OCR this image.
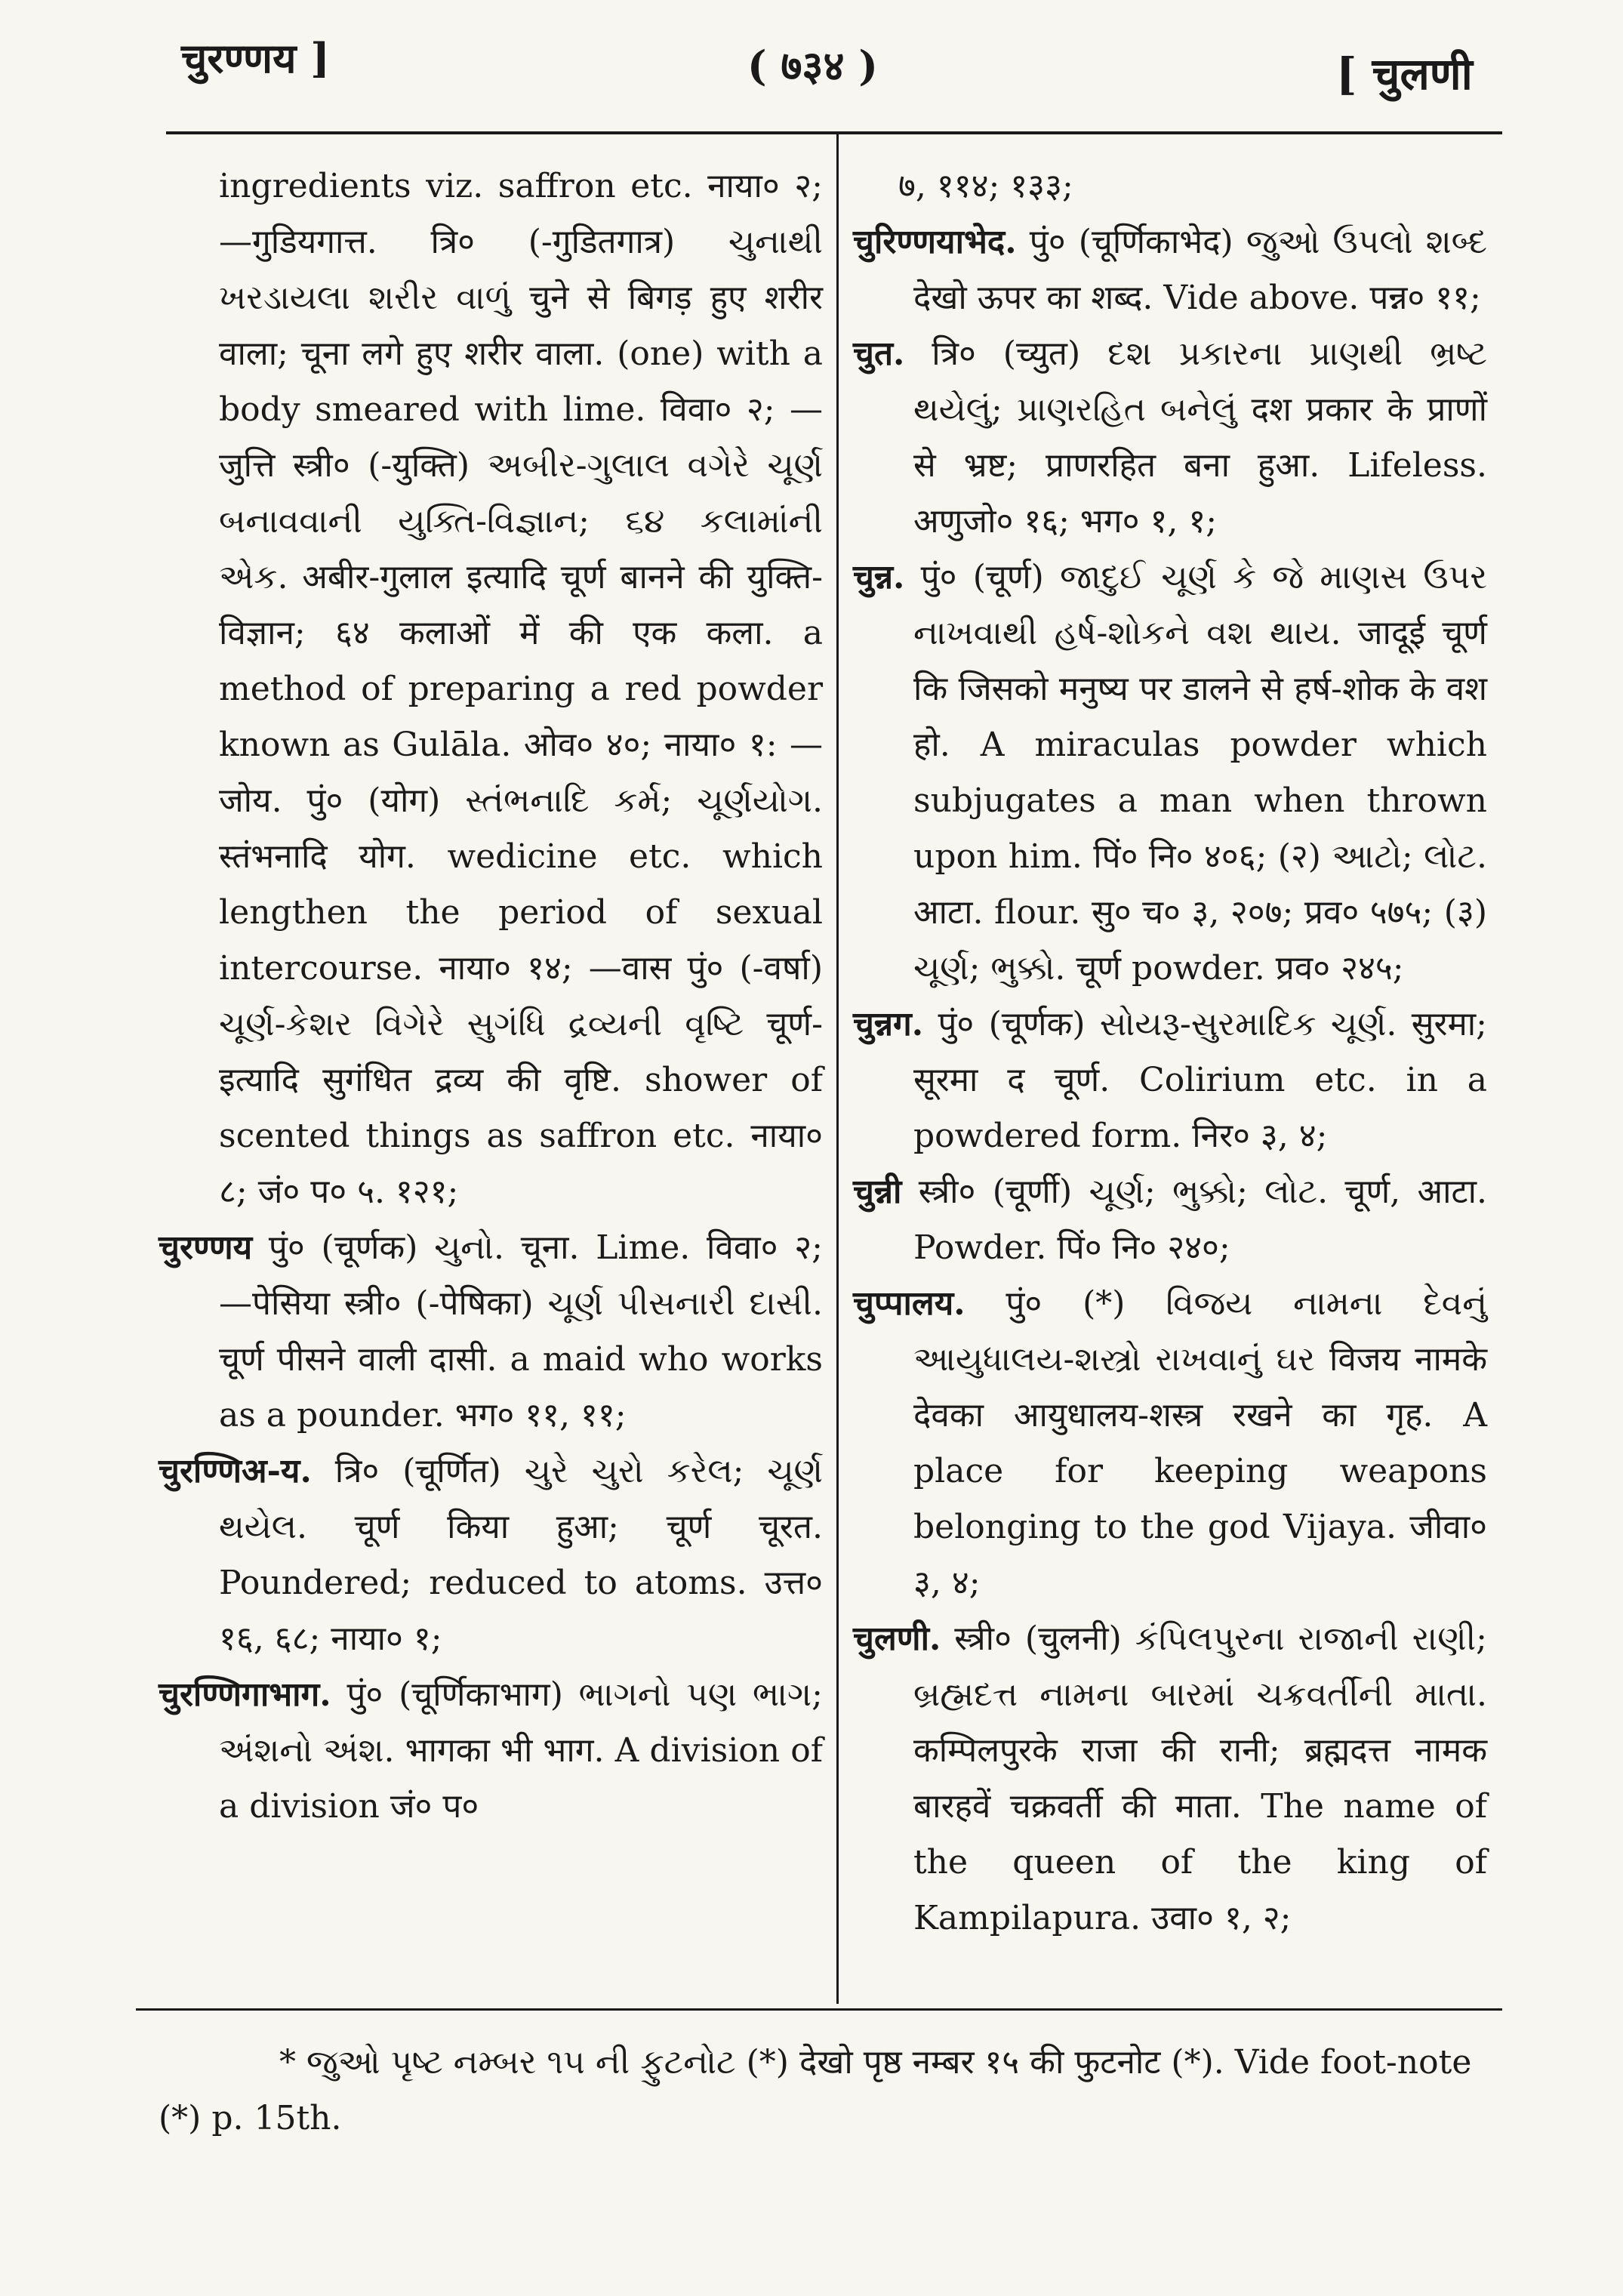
चुरण्णय ]	( ७३४ )	[ चुलणी

ingredients viz. saffron etc. नाया० २; —गुडियगात्त. त्रि० (-गुडितगात्र) ચુનાથી ખરડાયલા શરીર વાળું चुने से बिगड़ हुए शरीर वाला; चूना लगे हुए शरीर वाला. (one) with a body smeared with lime. विवा० २; —जुत्ति स्त्री० (-युक्ति) અબીર-ગુલાલ વગેરે ચૂર્ણ બનાવવાની યુક્તિ-વિજ્ઞાન; ૬૪ કલામાંની એક. अबीर-गुलाल इत्यादि चूर्ण बानने की युक्ति-विज्ञान; ६४ कलाओं में की एक कला. a method of preparing a red powder known as Gulāla. ओव० ४०; नाया० १: —जोय. पुं० (योग) સ્તંભનાદિ કર્મ; ચૂર્ણયોગ. स्तंभनादि योग. wedicine etc. which lengthen the period of sexual intercourse. नाया० १४; —वास पुं० (-वर्षा) ચૂર્ણ-કેશર વિગેરે સુગંધિ દ્રવ્યની વૃષ્ટિ चूर्ण-इत्यादि सुगंधित द्रव्य की वृष्टि. shower of scented things as saffron etc. नाया० ८; जं० प० ५. १२१;

चुरण्णय पुं० (चूर्णक) ચુનો. चूना. Lime. विवा० २; —पेसिया स्त्री० (-पेषिका) ચૂર્ણ પીસનારી દાસી. चूर्ण पीसने वाली दासी. a maid who works as a pounder. भग० ११, ११;

चुरण्णिअ-य. त्रि० (चूर्णित) ચુરે ચુરો કરેલ; ચૂર્ણ થયેલ. चूर्ण किया हुआ; चूर्ण चूरत. Poundered; reduced to atoms. उत्त० १६, ६८; नाया० १;

चुरण्णिगाभाग. पुं० (चूर्णिकाभाग) ભાગનો પણ ભાગ; અંશનો અંશ. भागका भी भाग. A division of a division जं० प०

७, ११४; १३३;

चुरिण्णयाभेद. पुं० (चूर्णिकाभेद) જુઓ ઉપલો શબ્દ देखो ऊपर का शब्द. Vide above. पन्न० ११;

चुत. त्रि० (च्युत) દશ પ્રકારના પ્રાણથી ભ્રષ્ટ થયેલું; પ્રાણરહિત બનેલું दश प्रकार के प्राणों से भ्रष्ट; प्राणरहित बना हुआ. Lifeless. अणुजो० १६; भग० १, १;

चुन्न. पुं० (चूर्ण) જાદુઈ ચૂર્ણ કે જે માણસ ઉપર નાખવાથી હર્ષ-શોકને વશ થાય. जादूई चूर्ण कि जिसको मनुष्य पर डालने से हर्ष-शोक के वश हो. A miraculas powder which subjugates a man when thrown upon him. पिं० नि० ४०६; (२) આટો; લોટ. आटा. flour. सु० च० ३, २०७; प्रव० ५७५; (३) ચૂર્ણ; ભુક્કો. चूर्ण powder. प्रव० २४५;

चुन्नग. पुं० (चूर्णक) સોયરૂ-સુરમાદિક ચૂર્ણ. सुरमा; सूरमा द चूर्ण. Colirium etc. in a powdered form. निर० ३, ४;

चुन्नी स्त्री० (चूर्णी) ચૂર્ણ; ભુક્કો; લોટ. चूर्ण, आटा. Powder. पिं० नि० २४०;

चुप्पालय. पुं० (*) વિજય નામના દેવનું આયુધાલય-શસ્ત્રો રાખવાનું ઘર विजय नामके देवका आयुधालय-शस्त्र रखने का गृह. A place for keeping weapons belonging to the god Vijaya. जीवा० ३, ४;

चुलणी. स्त्री० (चुलनी) કંપિલપુરના રાજાની રાણી; બ્રહ્મદત્ત નામના બારમાં ચક્રવર્તીની માતા. कम्पिलपुरके राजा की रानी; ब्रह्मदत्त नामक बारहवें चक्रवर्ती की माता. The name of the queen of the king of Kampilapura. उवा० १, २;

* જુઓ પૃષ્ટ નમ્બર ૧૫ ની ફુટનોટ (*) देखो पृष्ठ नम्बर १५ की फुटनोट (*). Vide foot-note (*) p. 15th.
